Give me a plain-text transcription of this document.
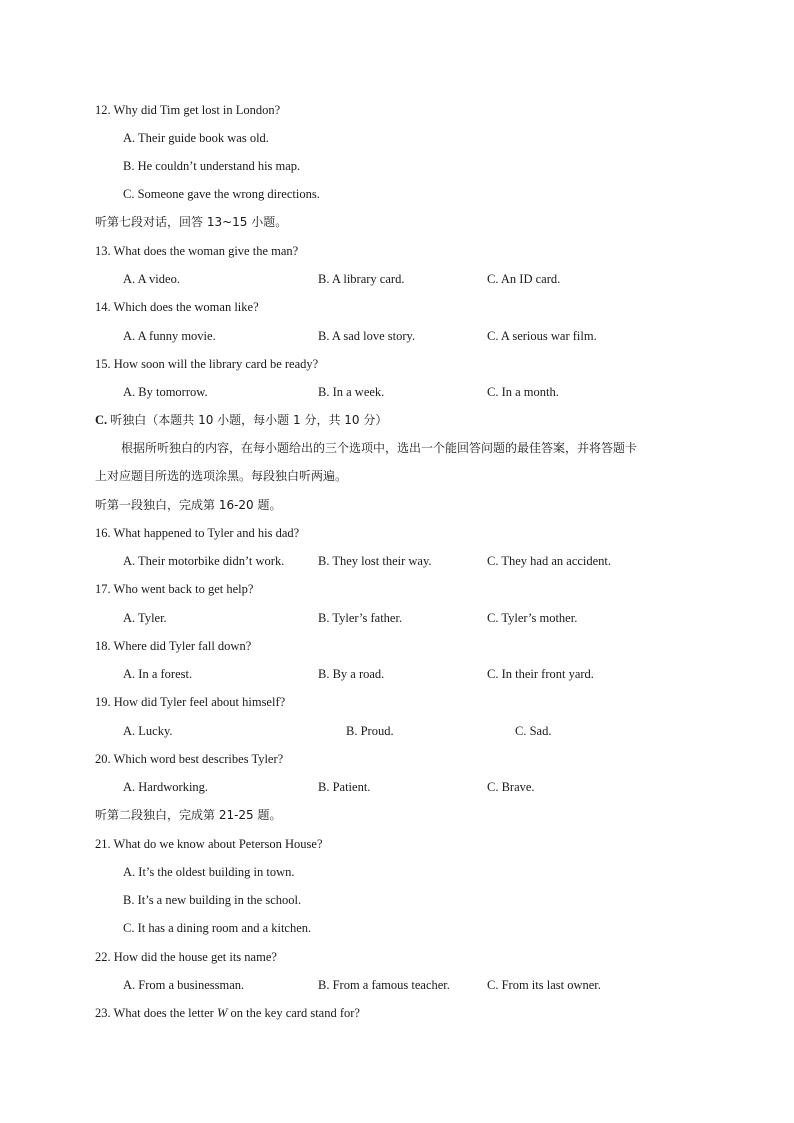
12. Why did Tim get lost in London?
A. Their guide book was old.
B. He couldn’t understand his map.
C. Someone gave the wrong directions.
听第七段对话，回答 13~15 小题。
13. What does the woman give the man?
A. A video.	B. A library card.	C. An ID card.
14. Which does the woman like?
A. A funny movie.	B. A sad love story.	C. A serious war film.
15. How soon will the library card be ready?
A. By tomorrow.	B. In a week.	C. In a month.
C. 听独白（本题共 10 小题，每小题 1 分，共 10 分）
根据所听独白的内容，在每小题给出的三个选项中，选出一个能回答问题的最佳答案，并将答题卡
上对应题目所选的选项涂黑。每段独白听两遍。
听第一段独白，完成第 16-20 题。
16. What happened to Tyler and his dad?
A. Their motorbike didn’t work.	B. They lost their way.	C. They had an accident.
17. Who went back to get help?
A. Tyler.	B. Tyler’s father.	C. Tyler’s mother.
18. Where did Tyler fall down?
A. In a forest.	B. By a road.	C. In their front yard.
19. How did Tyler feel about himself?
A. Lucky.	B. Proud.	C. Sad.
20. Which word best describes Tyler?
A. Hardworking.	B. Patient.	C. Brave.
听第二段独白，完成第 21-25 题。
21. What do we know about Peterson House?
A. It’s the oldest building in town.
B. It’s a new building in the school.
C. It has a dining room and a kitchen.
22. How did the house get its name?
A. From a businessman.	B. From a famous teacher.	C. From its last owner.
23. What does the letter W on the key card stand for?
